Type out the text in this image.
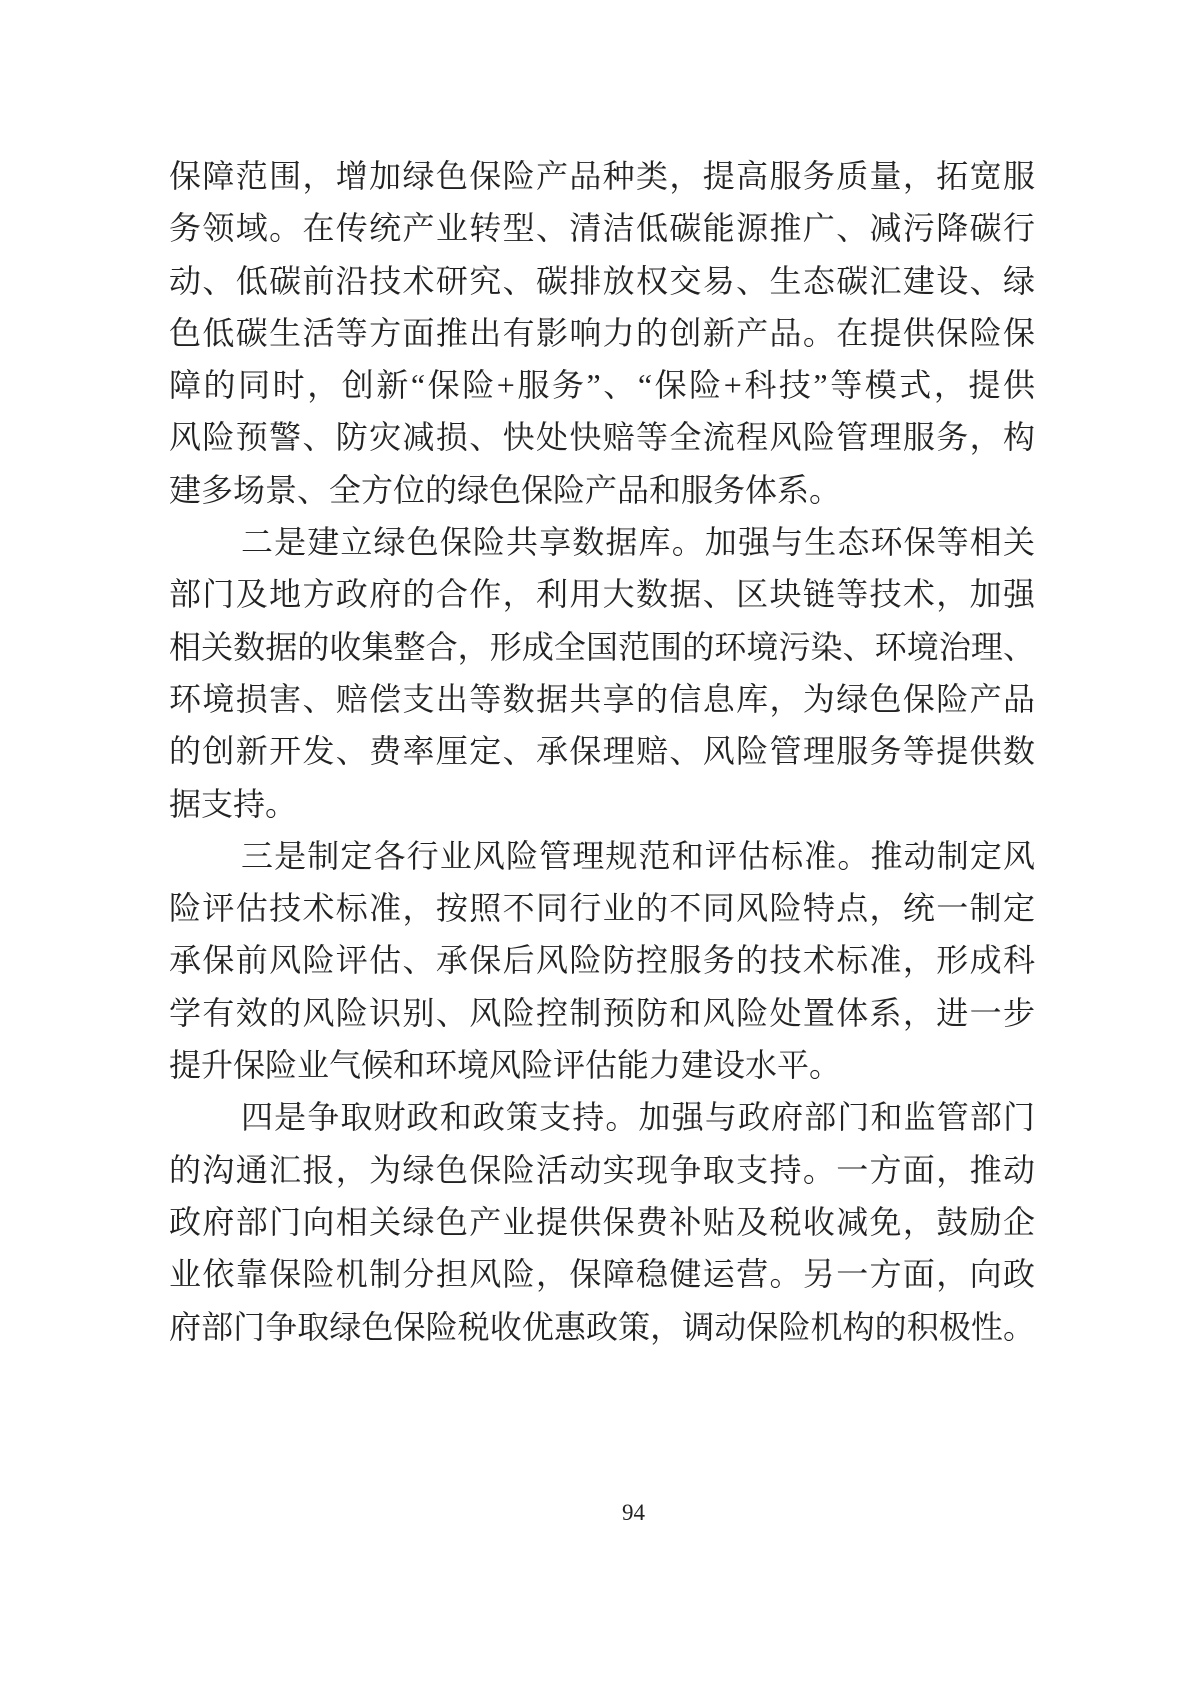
保障范围，增加绿色保险产品种类，提高服务质量，拓宽服
务领域。在传统产业转型、清洁低碳能源推广、减污降碳行
动、低碳前沿技术研究、碳排放权交易、生态碳汇建设、绿
色低碳生活等方面推出有影响力的创新产品。在提供保险保
障的同时，创新“保险+服务”、“保险+科技”等模式，提供
风险预警、防灾减损、快处快赔等全流程风险管理服务，构
建多场景、全方位的绿色保险产品和服务体系。
二是建立绿色保险共享数据库。加强与生态环保等相关
部门及地方政府的合作，利用大数据、区块链等技术，加强
相关数据的收集整合，形成全国范围的环境污染、环境治理、
环境损害、赔偿支出等数据共享的信息库，为绿色保险产品
的创新开发、费率厘定、承保理赔、风险管理服务等提供数
据支持。
三是制定各行业风险管理规范和评估标准。推动制定风
险评估技术标准，按照不同行业的不同风险特点，统一制定
承保前风险评估、承保后风险防控服务的技术标准，形成科
学有效的风险识别、风险控制预防和风险处置体系，进一步
提升保险业气候和环境风险评估能力建设水平。
四是争取财政和政策支持。加强与政府部门和监管部门
的沟通汇报，为绿色保险活动实现争取支持。一方面，推动
政府部门向相关绿色产业提供保费补贴及税收减免，鼓励企
业依靠保险机制分担风险，保障稳健运营。另一方面，向政
府部门争取绿色保险税收优惠政策，调动保险机构的积极性。
94
